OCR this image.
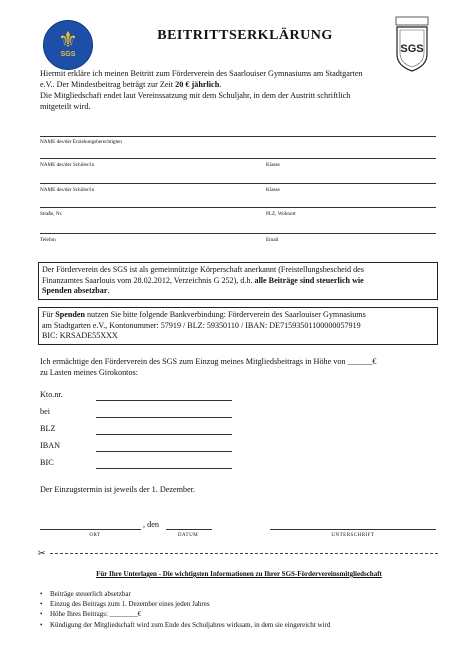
⚜
SGS	SGS
BEITRITTSERKLÄRUNG
Hiermit erkläre ich meinen Beitritt zum Förderverein des Saarlouiser Gymnasiums am Stadtgarten
e.V.. Der Mindestbeitrag beträgt zur Zeit 20 € jährlich.
Die Mitgliedschaft endet laut Vereinssatzung mit dem Schuljahr, in dem der Austritt schriftlich
mitgeteilt wird.
NAME des/der Erziehungsberechtigten
NAME des/der Schüler/in	Klasse
NAME des/der Schüler/in	Klasse
Straße, Nr.	PLZ, Wohnort
Telefon	Email
Der Förderverein des SGS ist als gemeinnützige Körperschaft anerkannt (Freistellungsbescheid des
Finanzamtes Saarlouis vom 28.02.2012, Verzeichnis G 252), d.h. alle Beiträge sind steuerlich wie
Spenden absetzbar.
Für Spenden nutzen Sie bitte folgende Bankverbindung: Förderverein des Saarlouiser Gymnasiums
am Stadtgarten e.V., Kontonummer: 57919 / BLZ: 59350110 / IBAN: DE71593501100000057919
BIC: KRSADE55XXX
Ich ermächtige den Förderverein des SGS zum Einzug meines Mitgliedsbeitrags in Höhe von ______€
zu Lasten meines Girokontos:
Kto.nr.
bei
BLZ
IBAN
BIC
Der Einzugstermin ist jeweils der 1. Dezember.
, den
ORT	DATUM	UNTERSCHRIFT
✂
Für Ihre Unterlagen - Die wichtigsten Informationen zu Ihrer SGS-Fördervereinsmitgliedschaft
• Beiträge steuerlich absetzbar
• Einzug des Beitrags zum 1. Dezember eines jeden Jahres
• Höhe Ihres Beitrags: ________€
• Kündigung der Mitgliedschaft wird zum Ende des Schuljahres wirksam, in dem sie eingereicht wird
